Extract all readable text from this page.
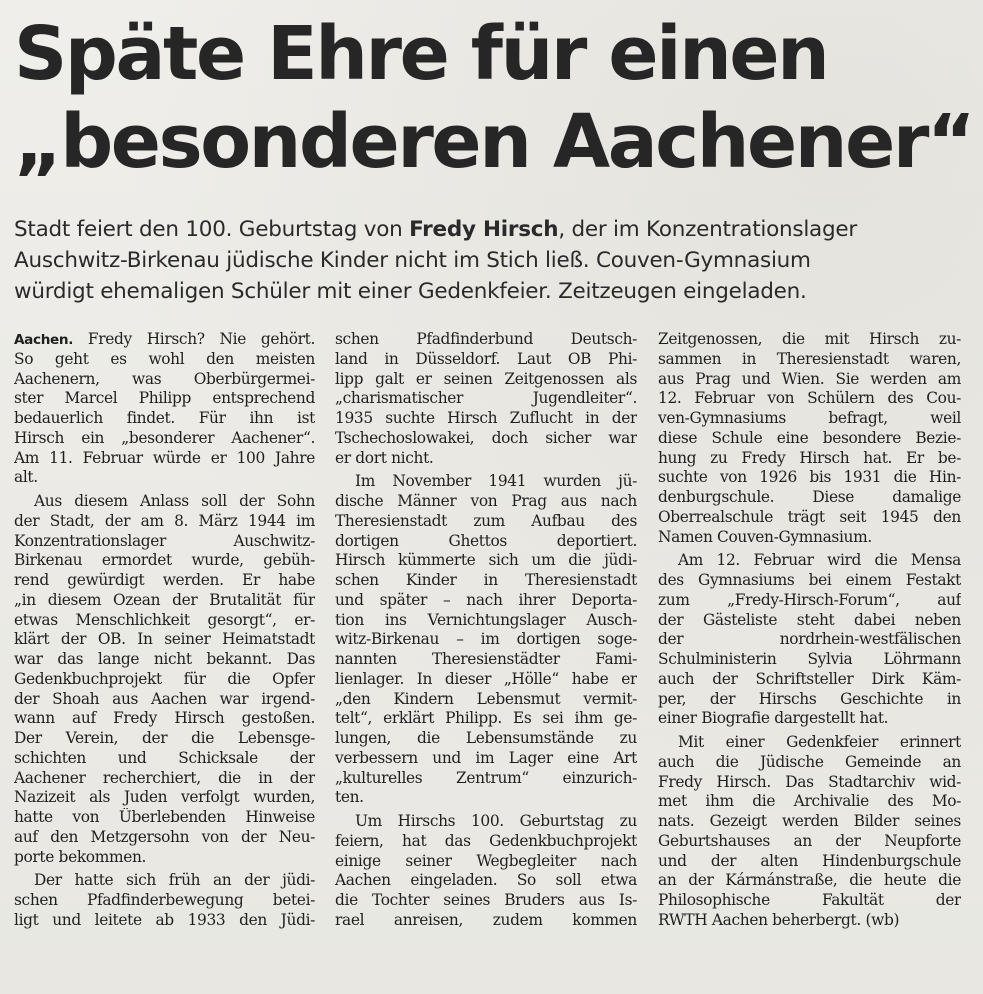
Späte Ehre für einen
„besonderen Aachener“

Stadt feiert den 100. Geburtstag von Fredy Hirsch, der im Konzentrationslager
Auschwitz-Birkenau jüdische Kinder nicht im Stich ließ. Couven-Gymnasium
würdigt ehemaligen Schüler mit einer Gedenkfeier. Zeitzeugen eingeladen.

Aachen. Fredy Hirsch? Nie gehört.
So geht es wohl den meisten
Aachenern, was Oberbürgermei-
ster Marcel Philipp entsprechend
bedauerlich findet. Für ihn ist
Hirsch ein „besonderer Aachener“.
Am 11. Februar würde er 100 Jahre
alt.
Aus diesem Anlass soll der Sohn
der Stadt, der am 8. März 1944 im
Konzentrationslager Auschwitz-
Birkenau ermordet wurde, gebüh-
rend gewürdigt werden. Er habe
„in diesem Ozean der Brutalität für
etwas Menschlichkeit gesorgt“, er-
klärt der OB. In seiner Heimatstadt
war das lange nicht bekannt. Das
Gedenkbuchprojekt für die Opfer
der Shoah aus Aachen war irgend-
wann auf Fredy Hirsch gestoßen.
Der Verein, der die Lebensge-
schichten und Schicksale der
Aachener recherchiert, die in der
Nazizeit als Juden verfolgt wurden,
hatte von Überlebenden Hinweise
auf den Metzgersohn von der Neu-
porte bekommen.
Der hatte sich früh an der jüdi-
schen Pfadfinderbewegung betei-
ligt und leitete ab 1933 den Jüdi-
schen Pfadfinderbund Deutsch-
land in Düsseldorf. Laut OB Phi-
lipp galt er seinen Zeitgenossen als
„charismatischer Jugendleiter“.
1935 suchte Hirsch Zuflucht in der
Tschechoslowakei, doch sicher war
er dort nicht.
Im November 1941 wurden jü-
dische Männer von Prag aus nach
Theresienstadt zum Aufbau des
dortigen Ghettos deportiert.
Hirsch kümmerte sich um die jüdi-
schen Kinder in Theresienstadt
und später – nach ihrer Deporta-
tion ins Vernichtungslager Ausch-
witz-Birkenau – im dortigen soge-
nannten Theresienstädter Fami-
lienlager. In dieser „Hölle“ habe er
„den Kindern Lebensmut vermit-
telt“, erklärt Philipp. Es sei ihm ge-
lungen, die Lebensumstände zu
verbessern und im Lager eine Art
„kulturelles Zentrum“ einzurich-
ten.
Um Hirschs 100. Geburtstag zu
feiern, hat das Gedenkbuchprojekt
einige seiner Wegbegleiter nach
Aachen eingeladen. So soll etwa
die Tochter seines Bruders aus Is-
rael anreisen, zudem kommen
Zeitgenossen, die mit Hirsch zu-
sammen in Theresienstadt waren,
aus Prag und Wien. Sie werden am
12. Februar von Schülern des Cou-
ven-Gymnasiums befragt, weil
diese Schule eine besondere Bezie-
hung zu Fredy Hirsch hat. Er be-
suchte von 1926 bis 1931 die Hin-
denburgschule. Diese damalige
Oberrealschule trägt seit 1945 den
Namen Couven-Gymnasium.
Am 12. Februar wird die Mensa
des Gymnasiums bei einem Festakt
zum „Fredy-Hirsch-Forum“, auf
der Gästeliste steht dabei neben
der nordrhein-westfälischen
Schulministerin Sylvia Löhrmann
auch der Schriftsteller Dirk Käm-
per, der Hirschs Geschichte in
einer Biografie dargestellt hat.
Mit einer Gedenkfeier erinnert
auch die Jüdische Gemeinde an
Fredy Hirsch. Das Stadtarchiv wid-
met ihm die Archivalie des Mo-
nats. Gezeigt werden Bilder seines
Geburtshauses an der Neupforte
und der alten Hindenburgschule
an der Kármánstraße, die heute die
Philosophische Fakultät der
RWTH Aachen beherbergt. (wb)
